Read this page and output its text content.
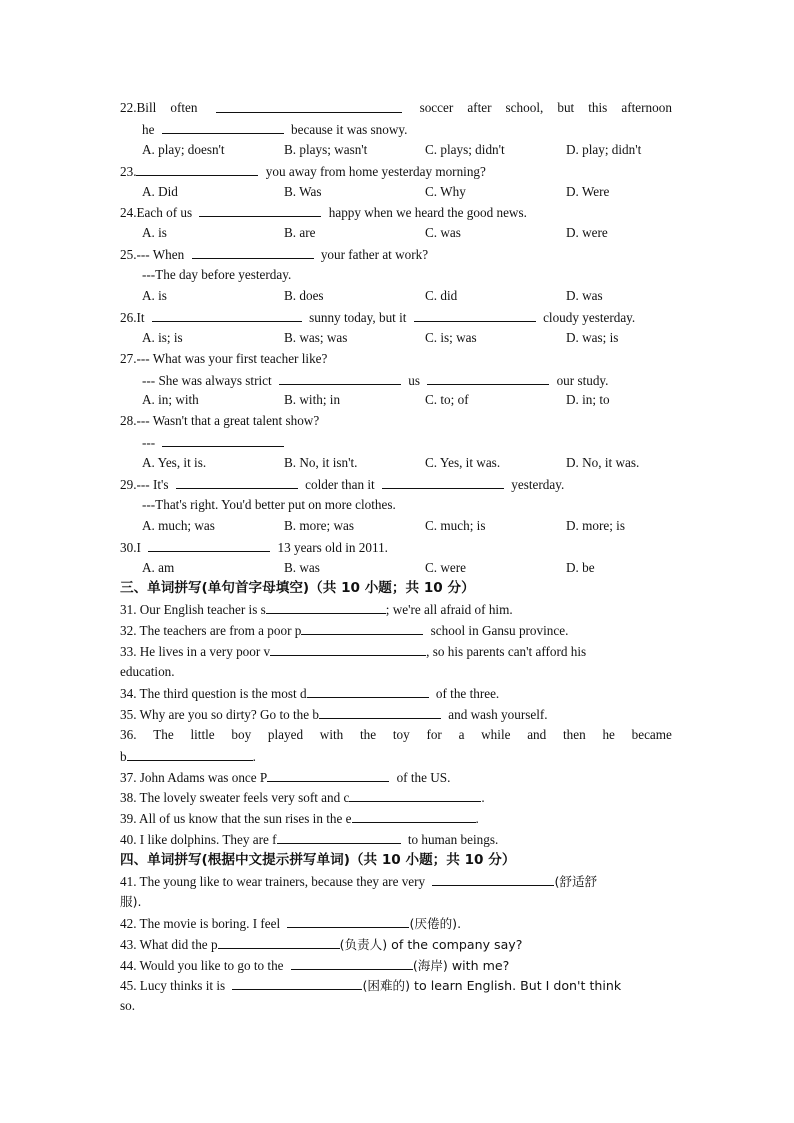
22.Bill often	soccer after school, but this afternoon
he	because it was snowy.
A. play; doesn't	B. plays; wasn't	C. plays; didn't	D. play; didn't
23.	you away from home yesterday morning?
A. Did	B. Was	C. Why	D. Were
24.Each of us	happy when we heard the good news.
A. is	B. are	C. was	D. were
25.--- When	your father at work?
---The day before yesterday.
A. is	B. does	C. did	D. was
26.It	sunny today, but it	cloudy yesterday.
A. is; is	B. was; was	C. is; was	D. was; is
27.--- What was your first teacher like?
--- She was always strict	us	our study.
A. in; with	B. with; in	C. to; of	D. in; to
28.--- Wasn't that a great talent show?
---
A. Yes, it is.	B. No, it isn't.	C. Yes, it was.	D. No, it was.
29.--- It's	colder than it	yesterday.
---That's right. You'd better put on more clothes.
A. much; was	B. more; was	C. much; is	D. more; is
30.I	13 years old in 2011.
A. am	B. was	C. were	D. be
三、单词拼写(单句首字母填空)（共 10 小题；共 10 分）
31. Our English teacher is s	; we're all afraid of him.
32. The teachers are from a poor p	school in Gansu province.
33. He lives in a very poor v	, so his parents can't afford his
education.
34. The third question is the most d	of the three.
35. Why are you so dirty? Go to the b	and wash yourself.
36. The little boy played with the toy for a while and then he became
b	.
37. John Adams was once P	of the US.
38. The lovely sweater feels very soft and c	.
39. All of us know that the sun rises in the e	.
40. I like dolphins. They are f	to human beings.
四、单词拼写(根据中文提示拼写单词)（共 10 小题；共 10 分）
41. The young like to wear trainers, because they are very	(舒适舒
服).
42. The movie is boring. I feel	(厌倦的).
43. What did the p	(负责人) of the company say?
44. Would you like to go to the	(海岸) with me?
45. Lucy thinks it is	(困难的) to learn English. But I don't think
so.
